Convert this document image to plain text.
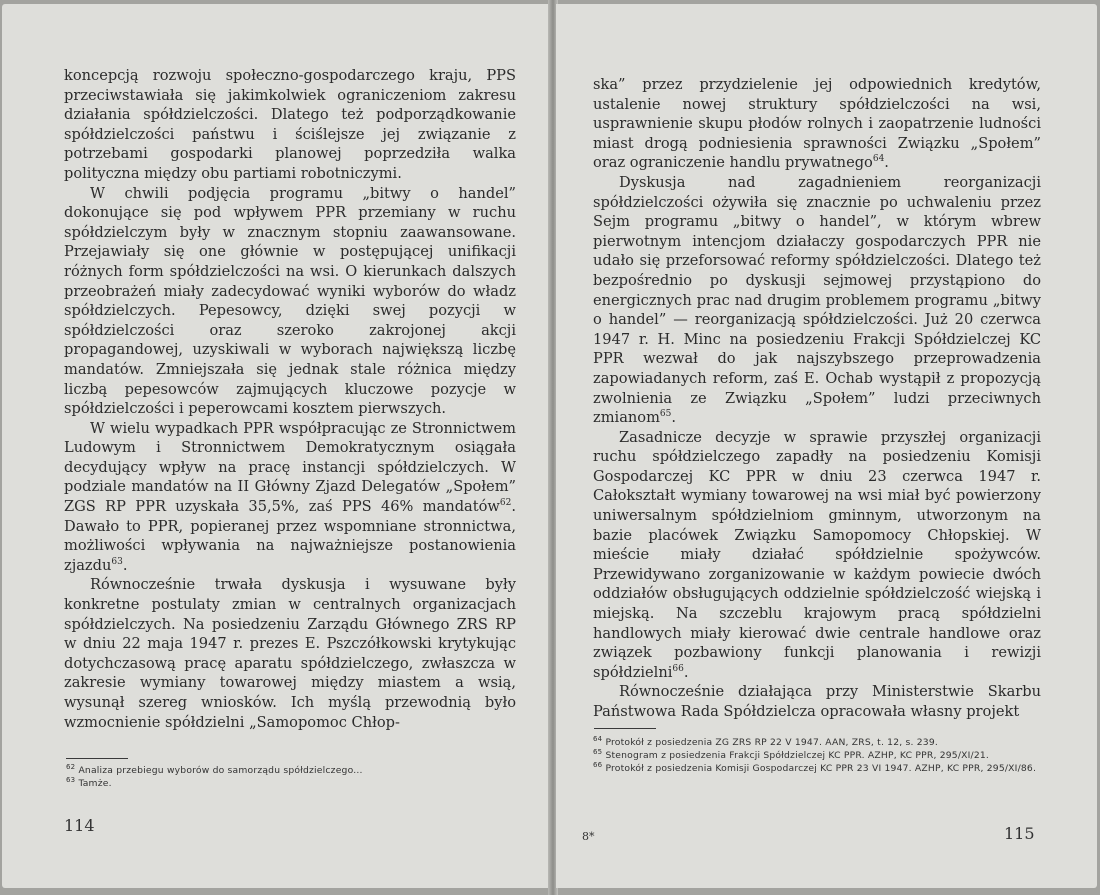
koncepcją rozwoju społeczno-gospodarczego kraju, PPS przeciwstawiała się jakimkolwiek ograniczeniom zakresu działania spółdzielczości. Dlatego też podporządkowanie spółdzielczości państwu i ściślejsze jej związanie z potrzebami gospodarki planowej poprzedziła walka polityczna między obu partiami robotniczymi.

W chwili podjęcia programu „bitwy o handel” dokonujące się pod wpływem PPR przemiany w ruchu spółdzielczym były w znacznym stopniu zaawansowane. Przejawiały się one głównie w postępującej unifikacji różnych form spółdzielczości na wsi. O kierunkach dalszych przeobrażeń miały zadecydować wyniki wyborów do władz spółdzielczych. Pepesowcy, dzięki swej pozycji w spółdzielczości oraz szeroko zakrojonej akcji propagandowej, uzyskiwali w wyborach największą liczbę mandatów. Zmniejszała się jednak stale różnica między liczbą pepesowców zajmujących kluczowe pozycje w spółdzielczości i peperowcami kosztem pierwszych.

W wielu wypadkach PPR współpracując ze Stronnictwem Ludowym i Stronnictwem Demokratycznym osiągała decydujący wpływ na pracę instancji spółdzielczych. W podziale mandatów na II Główny Zjazd Delegatów „Społem” ZGS RP PPR uzyskała 35,5%, zaś PPS 46% mandatów$^{62}$. Dawało to PPR, popieranej przez wspomniane stronnictwa, możliwości wpływania na najważniejsze postanowienia zjazdu$^{63}$.

Równocześnie trwała dyskusja i wysuwane były konkretne postulaty zmian w centralnych organizacjach spółdzielczych. Na posiedzeniu Zarządu Głównego ZRS RP w dniu 22 maja 1947 r. prezes E. Pszczółkowski krytykując dotychczasową pracę aparatu spółdzielczego, zwłaszcza w zakresie wymiany towarowej między miastem a wsią, wysunął szereg wniosków. Ich myślą przewodnią było wzmocnienie spółdzielni „Samopomoc Chłop-

$^{62}$ Analiza przebiegu wyborów do samorządu spółdzielczego...

$^{63}$ Tamże.

114

ska” przez przydzielenie jej odpowiednich kredytów, ustalenie nowej struktury spółdzielczości na wsi, usprawnienie skupu płodów rolnych i zaopatrzenie ludności miast drogą podniesienia sprawności Związku „Społem” oraz ograniczenie handlu prywatnego$^{64}$.

Dyskusja nad zagadnieniem reorganizacji spółdzielczości ożywiła się znacznie po uchwaleniu przez Sejm programu „bitwy o handel”, w którym wbrew pierwotnym intencjom działaczy gospodarczych PPR nie udało się przeforsować reformy spółdzielczości. Dlatego też bezpośrednio po dyskusji sejmowej przystąpiono do energicznych prac nad drugim problemem programu „bitwy o handel” — reorganizacją spółdzielczości. Już 20 czerwca 1947 r. H. Minc na posiedzeniu Frakcji Spółdzielczej KC PPR wezwał do jak najszybszego przeprowadzenia zapowiadanych reform, zaś E. Ochab wystąpił z propozycją zwolnienia ze Związku „Społem” ludzi przeciwnych zmianom$^{65}$.

Zasadnicze decyzje w sprawie przyszłej organizacji ruchu spółdzielczego zapadły na posiedzeniu Komisji Gospodarczej KC PPR w dniu 23 czerwca 1947 r. Całokształt wymiany towarowej na wsi miał być powierzony uniwersalnym spółdzielniom gminnym, utworzonym na bazie placówek Związku Samopomocy Chłopskiej. W mieście miały działać spółdzielnie spożywców. Przewidywano zorganizowanie w każdym powiecie dwóch oddziałów obsługujących oddzielnie spółdzielczość wiejską i miejską. Na szczeblu krajowym pracą spółdzielni handlowych miały kierować dwie centrale handlowe oraz związek pozbawiony funkcji planowania i rewizji spółdzielni$^{66}$.

Równocześnie działająca przy Ministerstwie Skarbu Państwowa Rada Spółdzielcza opracowała własny projekt

$^{64}$ Protokół z posiedzenia ZG ZRS RP 22 V 1947. AAN, ZRS, t. 12, s. 239.

$^{65}$ Stenogram z posiedzenia Frakcji Spółdzielczej KC PPR. AZHP, KC PPR, 295/XI/21.

$^{66}$ Protokół z posiedzenia Komisji Gospodarczej KC PPR 23 VI 1947. AZHP, KC PPR, 295/XI/86.

8*	115
